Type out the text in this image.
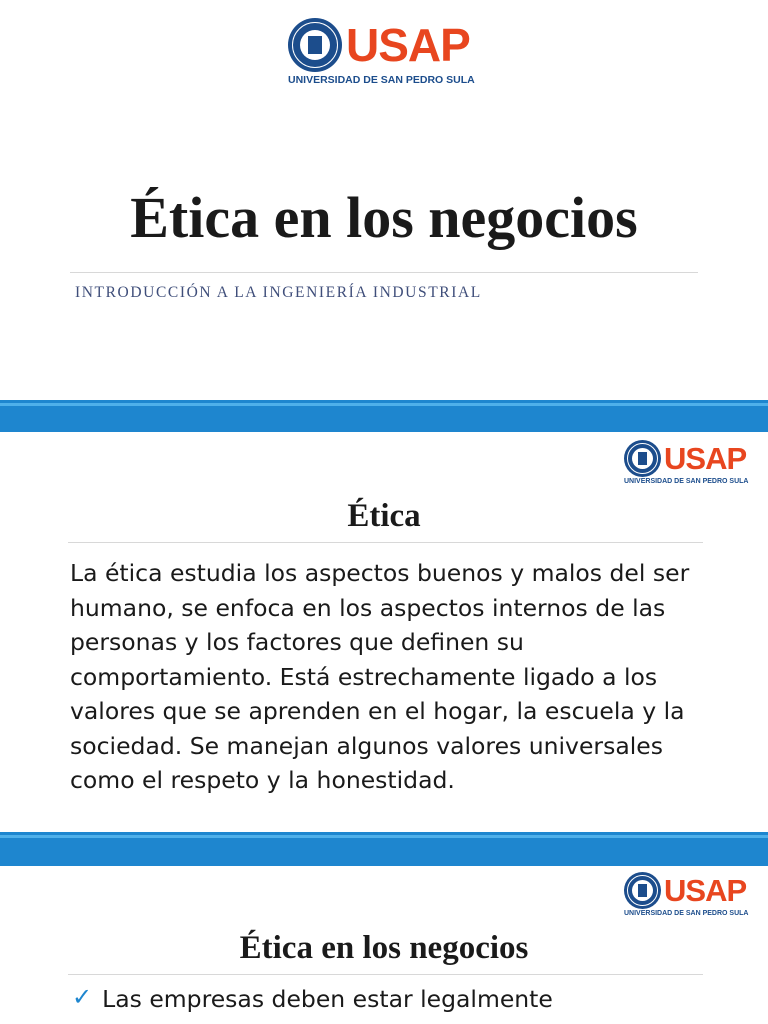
USAP
UNIVERSIDAD DE SAN PEDRO SULA
Ética en los negocios
INTRODUCCIÓN A LA INGENIERÍA INDUSTRIAL
USAP
UNIVERSIDAD DE SAN PEDRO SULA
Ética

La ética estudia los aspectos buenos y malos del ser humano, se enfoca en los aspectos internos de las personas y los factores que definen su comportamiento. Está estrechamente ligado a los valores que se aprenden en el hogar, la escuela y la sociedad. Se manejan algunos valores universales como el respeto y la honestidad.

USAP
UNIVERSIDAD DE SAN PEDRO SULA
Ética en los negocios
✓ Las empresas deben estar legalmente
